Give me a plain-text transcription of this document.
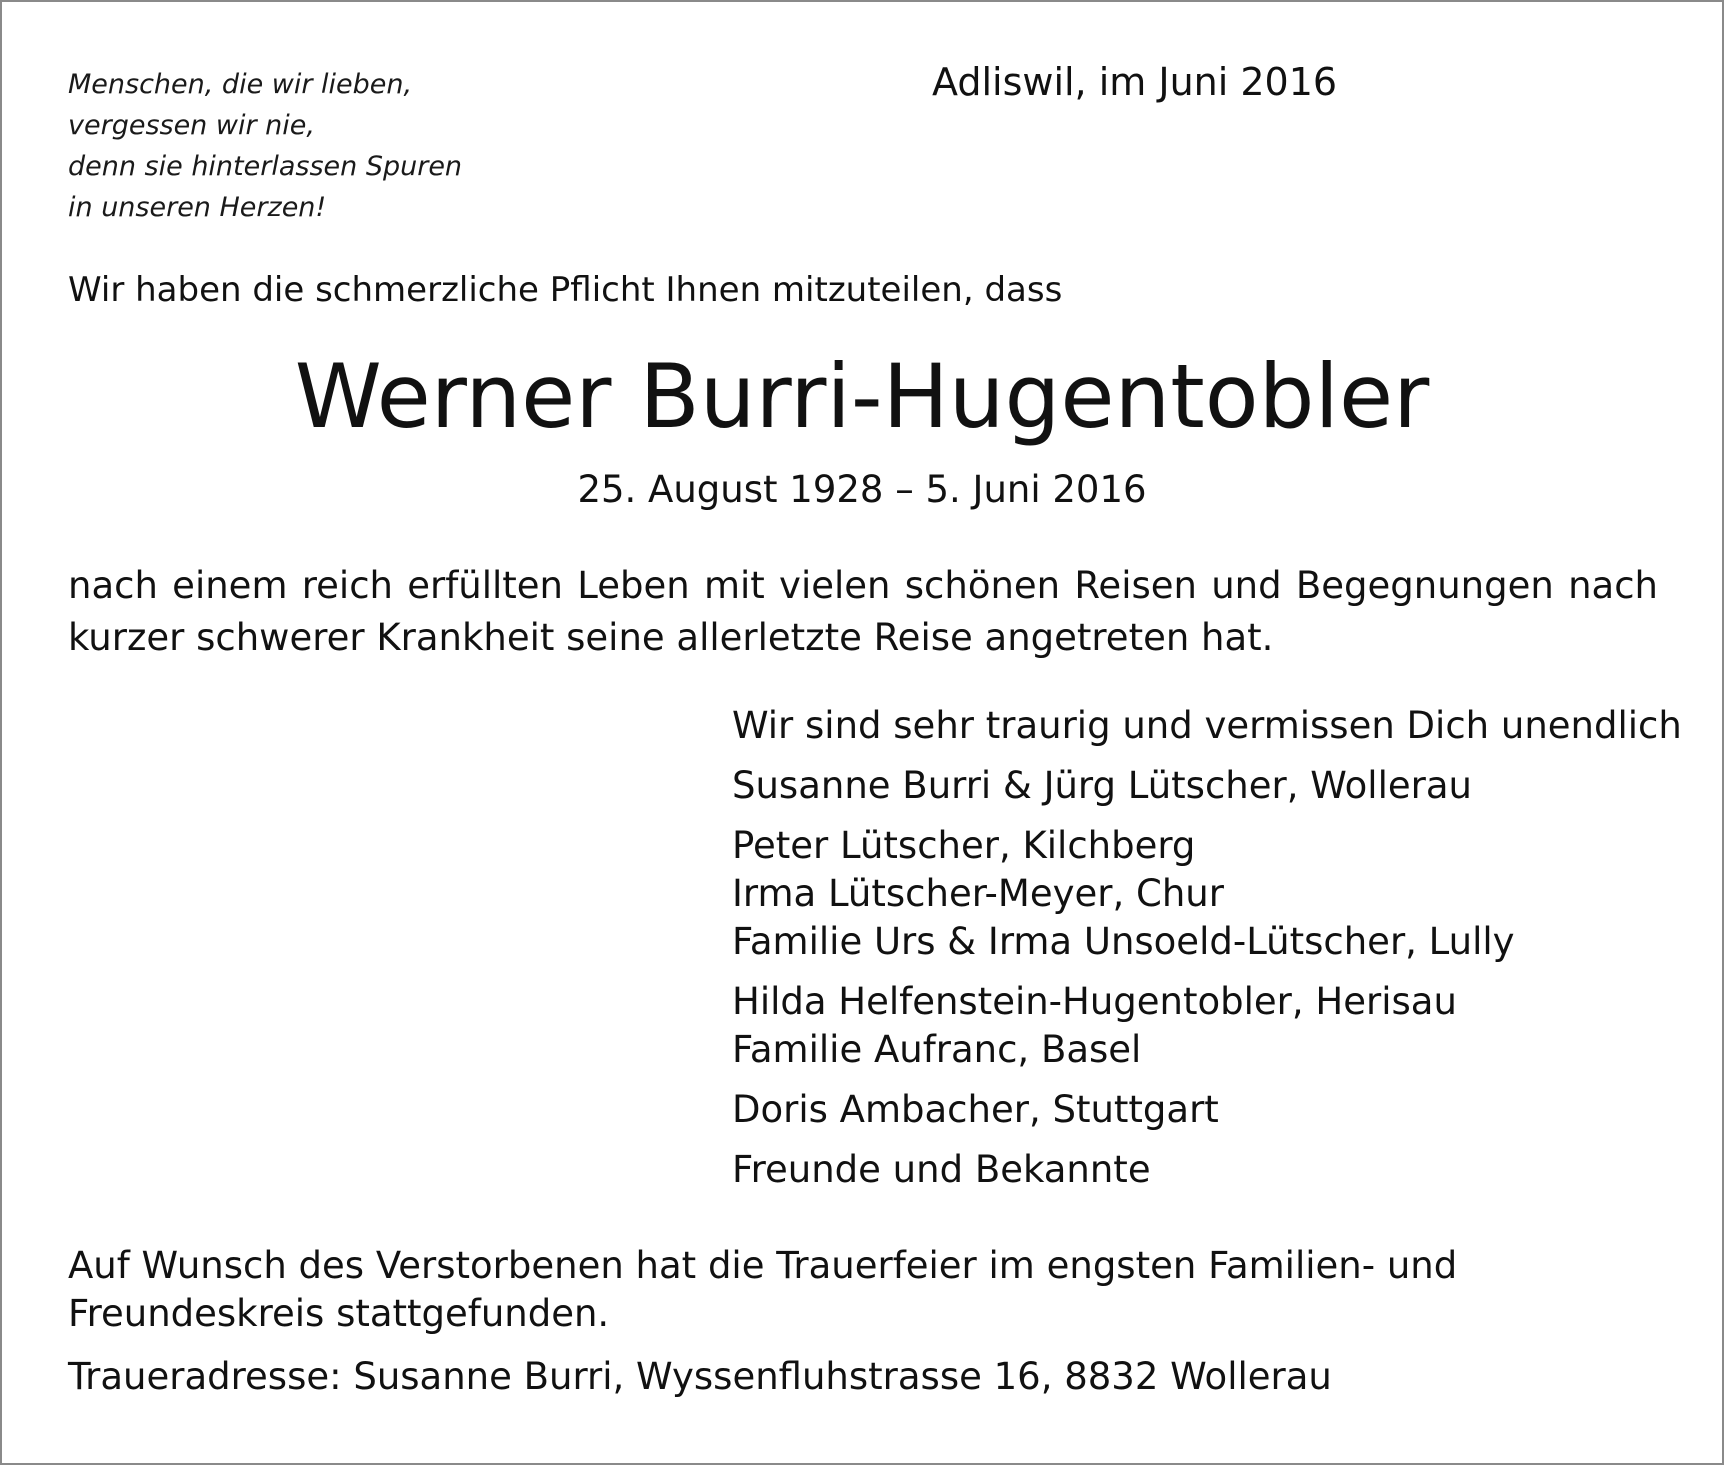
Menschen, die wir lieben,
vergessen wir nie,
denn sie hinterlassen Spuren
in unseren Herzen!
Adliswil, im Juni 2016
Wir haben die schmerzliche Pflicht Ihnen mitzuteilen, dass
Werner Burri-Hugentobler
25. August 1928 – 5. Juni 2016
nach einem reich erfüllten Leben mit vielen schönen Reisen und Begegnungen nach kurzer schwerer Krankheit seine allerletzte Reise angetreten hat.
Wir sind sehr traurig und vermissen Dich unendlich
Susanne Burri & Jürg Lütscher, Wollerau
Peter Lütscher, Kilchberg
Irma Lütscher-Meyer, Chur
Familie Urs & Irma Unsoeld-Lütscher, Lully
Hilda Helfenstein-Hugentobler, Herisau
Familie Aufranc, Basel
Doris Ambacher, Stuttgart
Freunde und Bekannte
Auf Wunsch des Verstorbenen hat die Trauerfeier im engsten Familien- und Freundeskreis stattgefunden.
Traueradresse: Susanne Burri, Wyssenfluhstrasse 16, 8832 Wollerau
